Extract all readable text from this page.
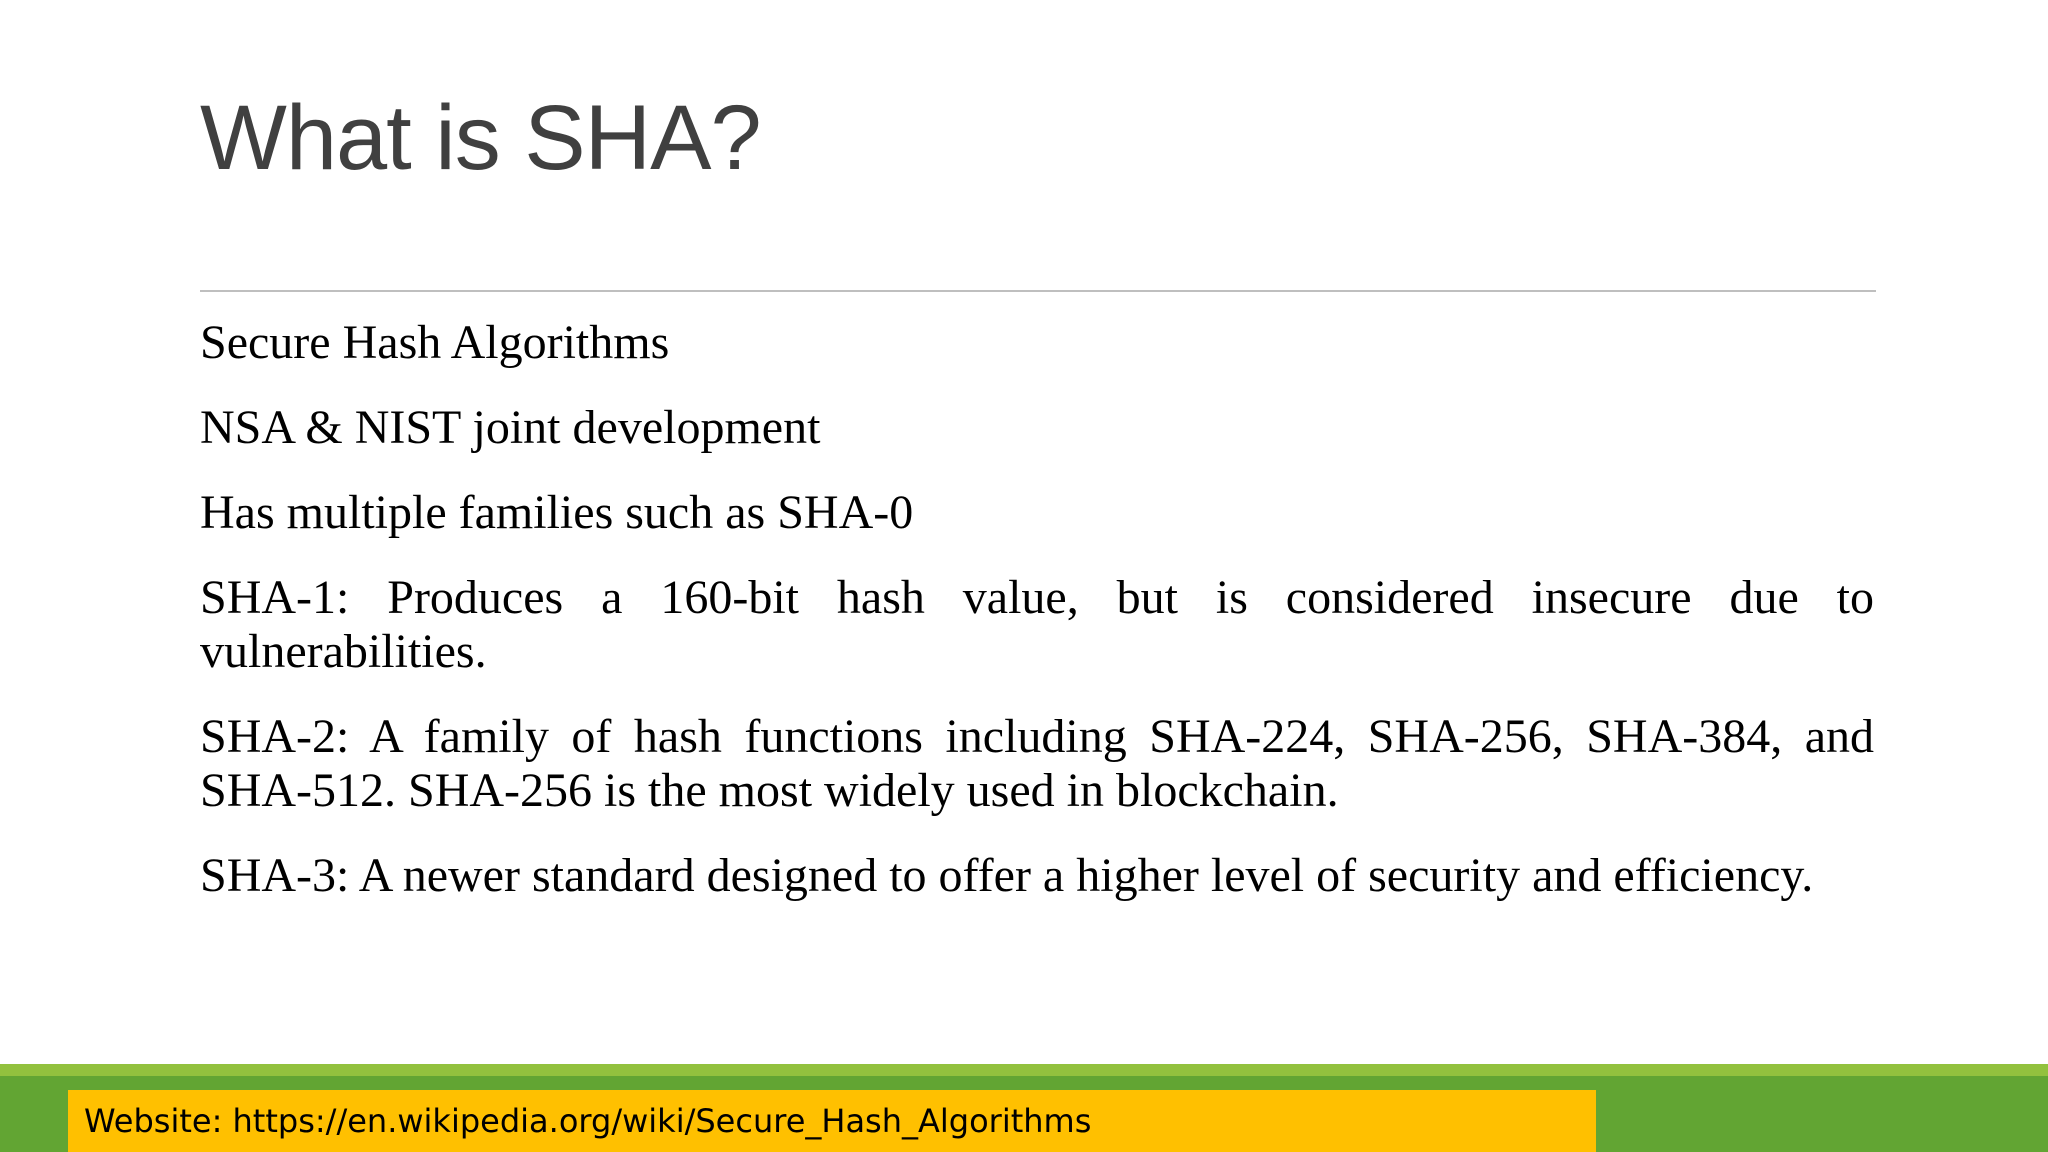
What is SHA?

Secure Hash Algorithms

NSA & NIST joint development

Has multiple families such as SHA-0

SHA-1: Produces a 160-bit hash value, but is considered insecure due to vulnerabilities.

SHA-2: A family of hash functions including SHA-224, SHA-256, SHA-384, and SHA-512. SHA-256 is the most widely used in blockchain.

SHA-3: A newer standard designed to offer a higher level of security and efficiency.

Website: https://en.wikipedia.org/wiki/Secure_Hash_Algorithms
